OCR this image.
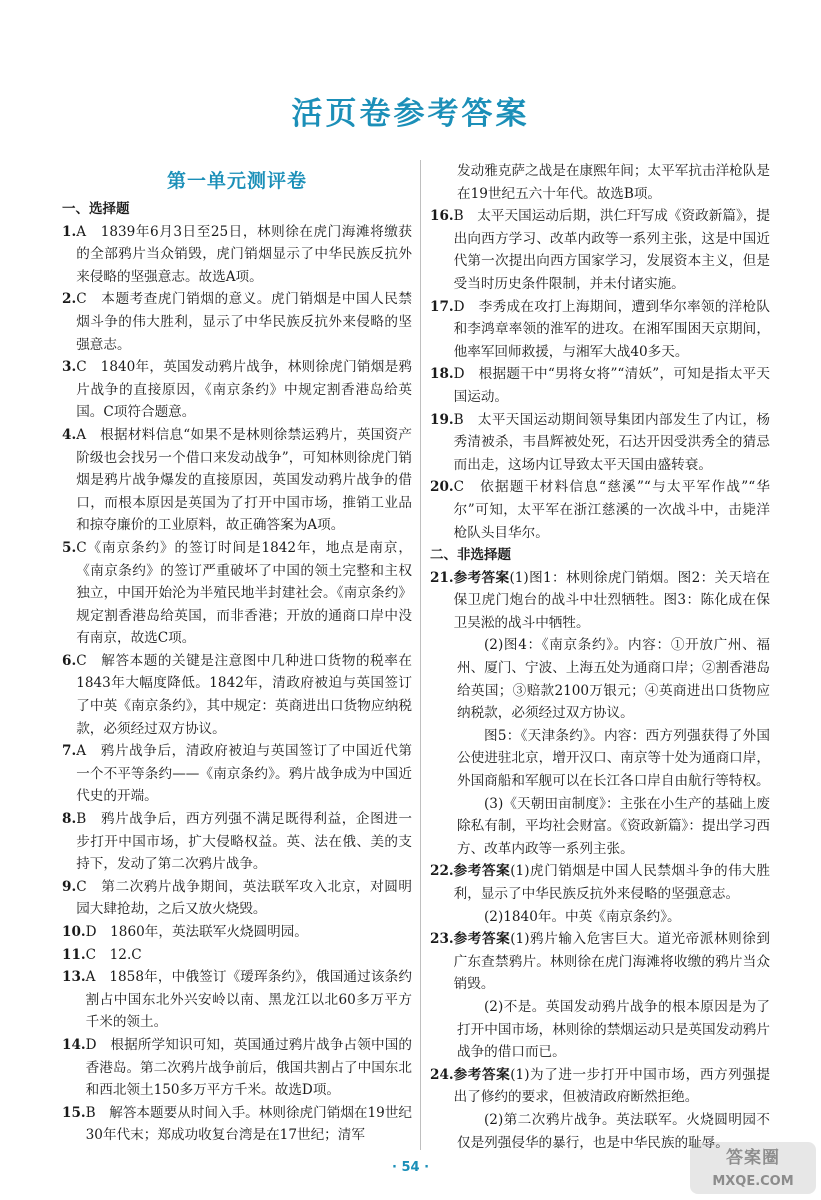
活页卷参考答案
第一单元测评卷
一、选择题
1. A　1839年6月3日至25日，林则徐在虎门海滩将缴获的全部鸦片当众销毁，虎门销烟显示了中华民族反抗外来侵略的坚强意志。故选A项。
2. C　本题考查虎门销烟的意义。虎门销烟是中国人民禁烟斗争的伟大胜利，显示了中华民族反抗外来侵略的坚强意志。
3. C　1840年，英国发动鸦片战争，林则徐虎门销烟是鸦片战争的直接原因，《南京条约》中规定割香港岛给英国。C项符合题意。
4. A　根据材料信息“如果不是林则徐禁运鸦片，英国资产阶级也会找另一个借口来发动战争”，可知林则徐虎门销烟是鸦片战争爆发的直接原因，英国发动鸦片战争的借口，而根本原因是英国为了打开中国市场，推销工业品和掠夺廉价的工业原料，故正确答案为A项。
5. C《南京条约》的签订时间是1842年，地点是南京，《南京条约》的签订严重破坏了中国的领土完整和主权独立，中国开始沦为半殖民地半封建社会。《南京条约》规定割香港岛给英国，而非香港；开放的通商口岸中没有南京，故选C项。
6. C　解答本题的关键是注意图中几种进口货物的税率在1843年大幅度降低。1842年，清政府被迫与英国签订了中英《南京条约》，其中规定：英商进出口货物应纳税款，必须经过双方协议。
7. A　鸦片战争后，清政府被迫与英国签订了中国近代第一个不平等条约——《南京条约》。鸦片战争成为中国近代史的开端。
8. B　鸦片战争后，西方列强不满足既得利益，企图进一步打开中国市场，扩大侵略权益。英、法在俄、美的支持下，发动了第二次鸦片战争。
9. C　第二次鸦片战争期间，英法联军攻入北京，对圆明园大肆抢劫，之后又放火烧毁。
10. D　1860年，英法联军火烧圆明园。
11. C　12.C
13. A　1858年，中俄签订《瑷珲条约》，俄国通过该条约割占中国东北外兴安岭以南、黑龙江以北60多万平方千米的领土。
14. D　根据所学知识可知，英国通过鸦片战争占领中国的香港岛。第二次鸦片战争前后，俄国共割占了中国东北和西北领土150多万平方千米。故选D项。
15. B　解答本题要从时间入手。林则徐虎门销烟在19世纪30年代末；郑成功收复台湾是在17世纪；清军
发动雅克萨之战是在康熙年间；太平军抗击洋枪队是在19世纪五六十年代。故选B项。
16. B　太平天国运动后期，洪仁玕写成《资政新篇》，提出向西方学习、改革内政等一系列主张，这是中国近代第一次提出向西方国家学习，发展资本主义，但是受当时历史条件限制，并未付诸实施。
17. D　李秀成在攻打上海期间，遭到华尔率领的洋枪队和李鸿章率领的淮军的进攻。在湘军围困天京期间，他率军回师救援，与湘军大战40多天。
18. D　根据题干中“男将女将”“清妖”，可知是指太平天国运动。
19. B　太平天国运动期间领导集团内部发生了内讧，杨秀清被杀，韦昌辉被处死，石达开因受洪秀全的猜忌而出走，这场内讧导致太平天国由盛转衰。
20. C　依据题干材料信息“慈溪”“与太平军作战”“华尔”可知，太平军在浙江慈溪的一次战斗中，击毙洋枪队头目华尔。
二、非选择题
21. 参考答案(1)图1：林则徐虎门销烟。图2：关天培在保卫虎门炮台的战斗中壮烈牺牲。图3：陈化成在保卫吴淞的战斗中牺牲。
(2)图4：《南京条约》。内容：①开放广州、福州、厦门、宁波、上海五处为通商口岸；②割香港岛给英国；③赔款2100万银元；④英商进出口货物应纳税款，必须经过双方协议。
图5：《天津条约》。内容：西方列强获得了外国公使进驻北京，增开汉口、南京等十处为通商口岸，外国商船和军舰可以在长江各口岸自由航行等特权。
(3)《天朝田亩制度》：主张在小生产的基础上废除私有制，平均社会财富。《资政新篇》：提出学习西方、改革内政等一系列主张。
22. 参考答案(1)虎门销烟是中国人民禁烟斗争的伟大胜利，显示了中华民族反抗外来侵略的坚强意志。
(2)1840年。中英《南京条约》。
23. 参考答案(1)鸦片输入危害巨大。道光帝派林则徐到广东查禁鸦片。林则徐在虎门海滩将收缴的鸦片当众销毁。
(2)不是。英国发动鸦片战争的根本原因是为了打开中国市场，林则徐的禁烟运动只是英国发动鸦片战争的借口而已。
24. 参考答案(1)为了进一步打开中国市场，西方列强提出了修约的要求，但被清政府断然拒绝。
(2)第二次鸦片战争。英法联军。火烧圆明园不仅是列强侵华的暴行，也是中华民族的耻辱。
· 54 ·	答案圈
MXQE.COM
